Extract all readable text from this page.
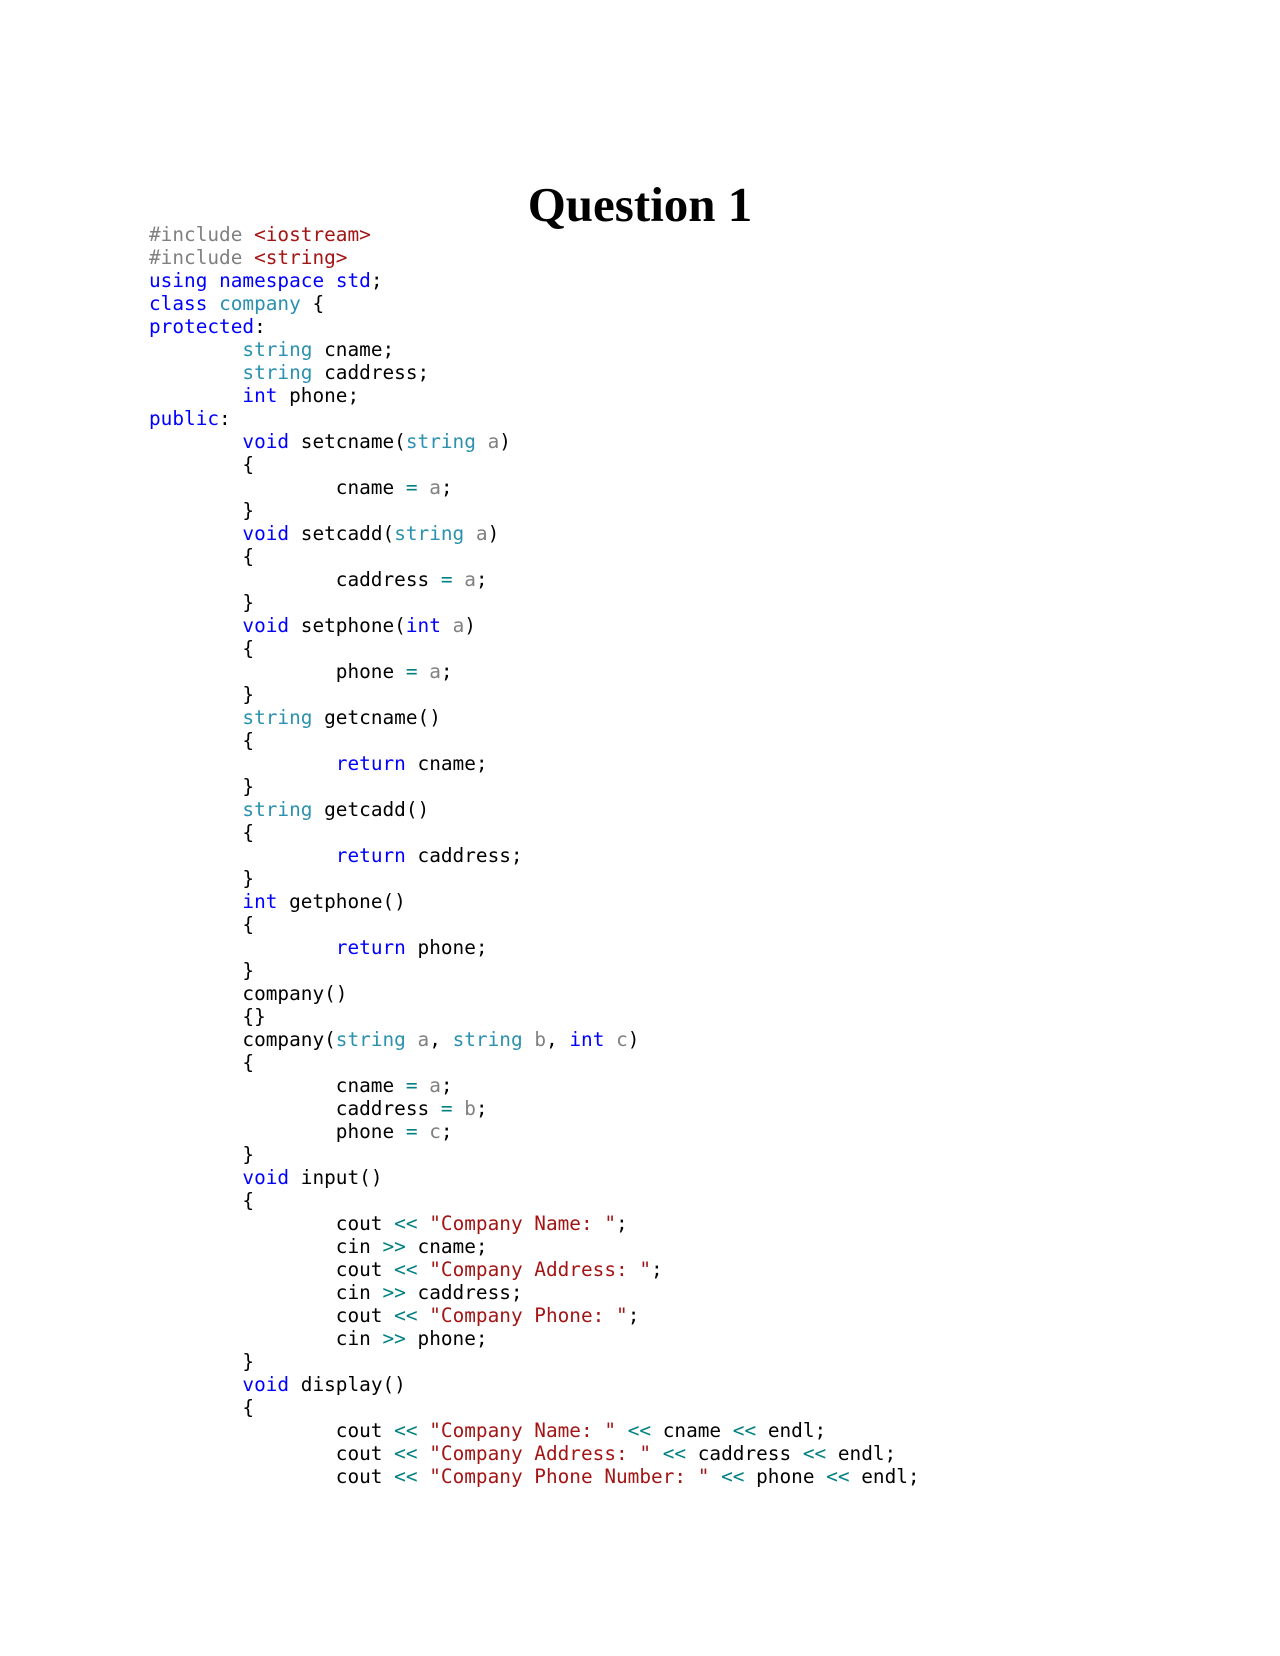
Question 1
#include <iostream>
#include <string>
using namespace std;
class company {
protected:
string cname;
string caddress;
int phone;
public:
void setcname(string a)
{
cname = a;
}
void setcadd(string a)
{
caddress = a;
}
void setphone(int a)
{
phone = a;
}
string getcname()
{
return cname;
}
string getcadd()
{
return caddress;
}
int getphone()
{
return phone;
}
company()
{}
company(string a, string b, int c)
{
cname = a;
caddress = b;
phone = c;
}
void input()
{
cout << "Company Name: ";
cin >> cname;
cout << "Company Address: ";
cin >> caddress;
cout << "Company Phone: ";
cin >> phone;
}
void display()
{
cout << "Company Name: " << cname << endl;
cout << "Company Address: " << caddress << endl;
cout << "Company Phone Number: " << phone << endl;
